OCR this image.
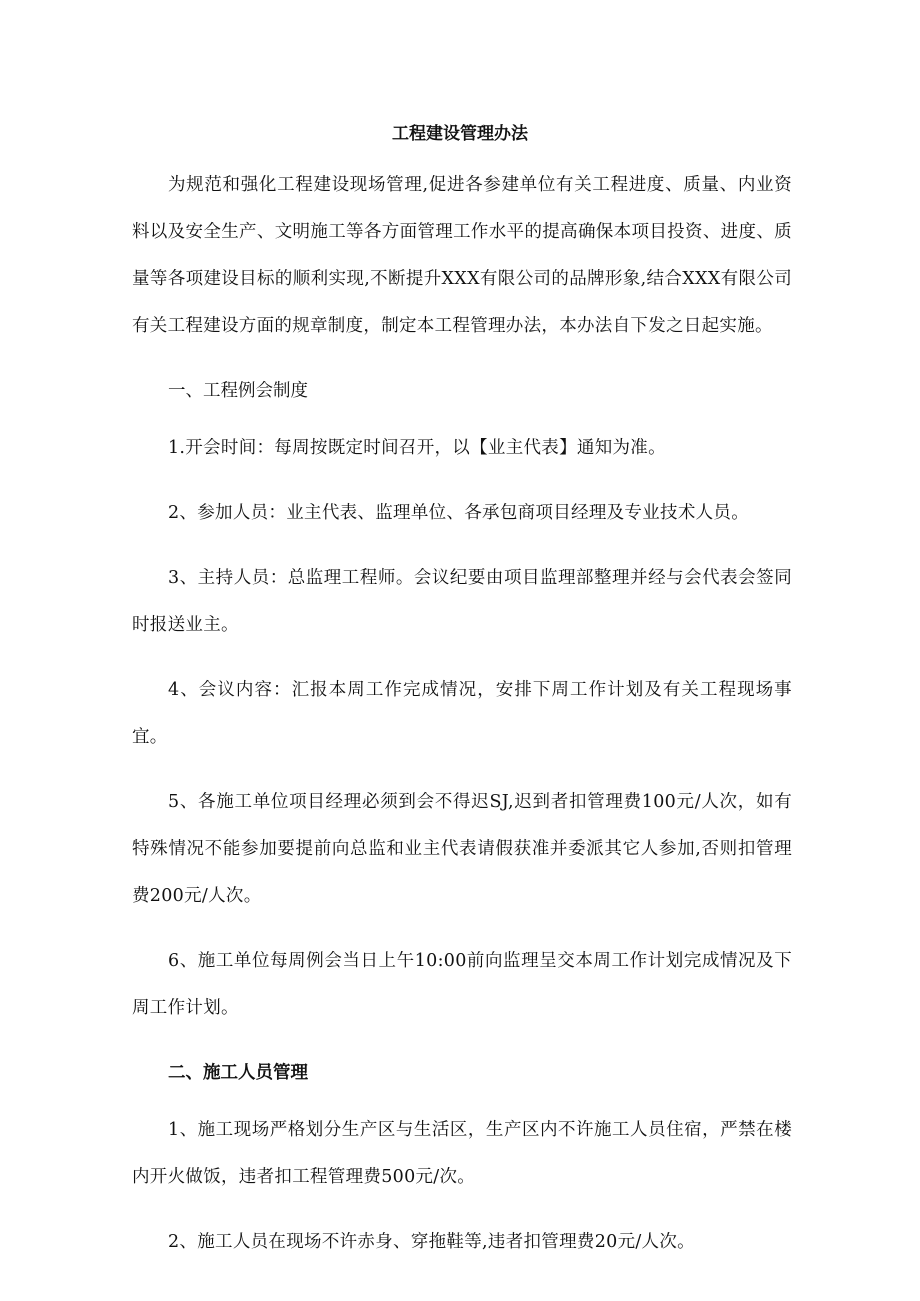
工程建设管理办法

为规范和强化工程建设现场管理,促进各参建单位有关工程进度、质量、内业资料以及安全生产、文明施工等各方面管理工作水平的提高确保本项目投资、进度、质量等各项建设目标的顺利实现,不断提升XXX有限公司的品牌形象,结合XXX有限公司有关工程建设方面的规章制度，制定本工程管理办法，本办法自下发之日起实施。

一、工程例会制度

1.开会时间：每周按既定时间召开，以【业主代表】通知为准。

2、参加人员：业主代表、监理单位、各承包商项目经理及专业技术人员。

3、主持人员：总监理工程师。会议纪要由项目监理部整理并经与会代表会签同时报送业主。

4、会议内容：汇报本周工作完成情况，安排下周工作计划及有关工程现场事宜。

5、各施工单位项目经理必须到会不得迟SJ,迟到者扣管理费100元/人次，如有特殊情况不能参加要提前向总监和业主代表请假获准并委派其它人参加,否则扣管理费200元/人次。

6、施工单位每周例会当日上午10:00前向监理呈交本周工作计划完成情况及下周工作计划。

二、施工人员管理

1、施工现场严格划分生产区与生活区，生产区内不许施工人员住宿，严禁在楼内开火做饭，违者扣工程管理费500元/次。

2、施工人员在现场不许赤身、穿拖鞋等,违者扣管理费20元/人次。
